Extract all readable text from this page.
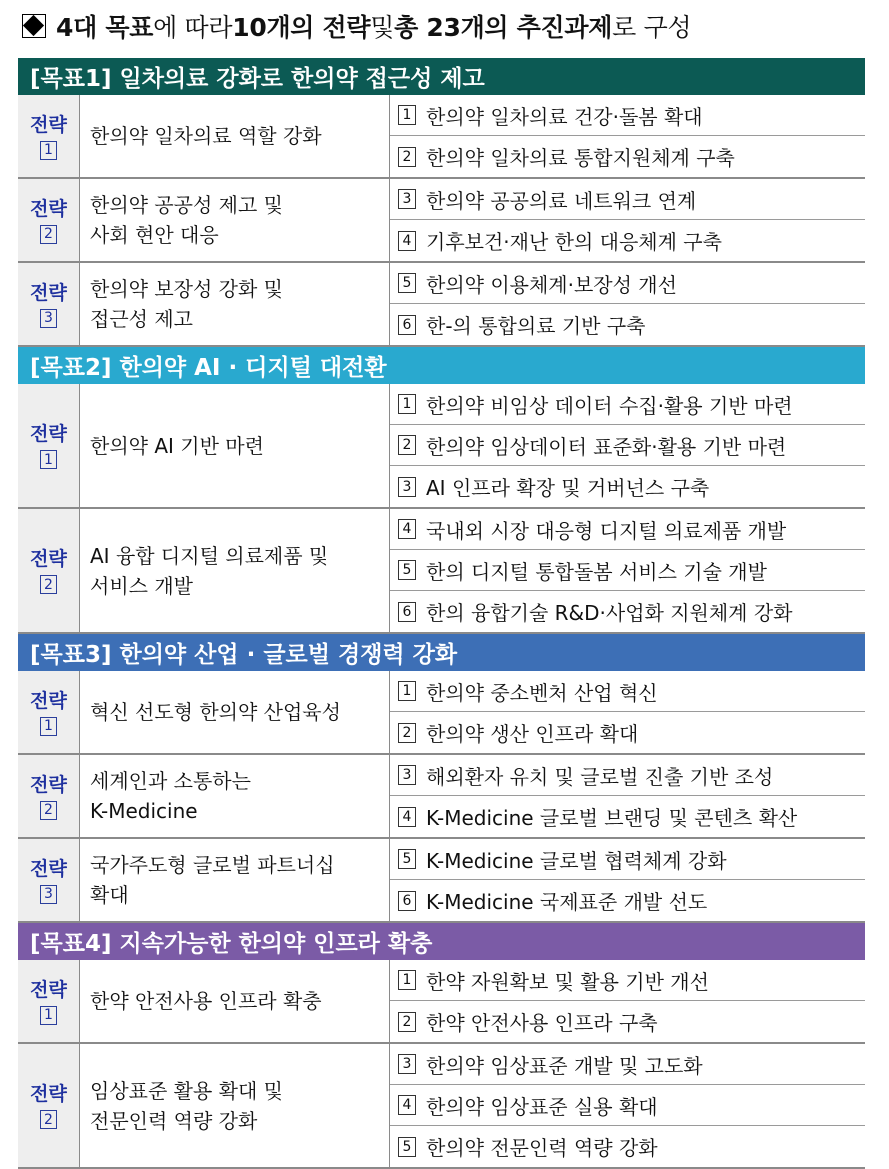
4대 목표 에 따라 10개의 전략 및 총 23개의 추진과제 로 구성
[목표1] 일차의료 강화로 한의약 접근성 제고
전략
1
한의약 일차의료 역할 강화
1 한의약 일차의료 건강·돌봄 확대
2 한의약 일차의료 통합지원체계 구축
전략
2
한의약 공공성 제고 및
사회 현안 대응
3 한의약 공공의료 네트워크 연계
4 기후보건·재난 한의 대응체계 구축
전략
3
한의약 보장성 강화 및
접근성 제고
5 한의약 이용체계·보장성 개선
6 한-의 통합의료 기반 구축
[목표2] 한의약 AI · 디지털 대전환
전략
1
한의약 AI 기반 마련
1 한의약 비임상 데이터 수집·활용 기반 마련
2 한의약 임상데이터 표준화·활용 기반 마련
3 AI 인프라 확장 및 거버넌스 구축
전략
2
AI 융합 디지털 의료제품 및
서비스 개발
4 국내외 시장 대응형 디지털 의료제품 개발
5 한의 디지털 통합돌봄 서비스 기술 개발
6 한의 융합기술 R&D·사업화 지원체계 강화
[목표3] 한의약 산업 · 글로벌 경쟁력 강화
전략
1
혁신 선도형 한의약 산업육성
1 한의약 중소벤처 산업 혁신
2 한의약 생산 인프라 확대
전략
2
세계인과 소통하는
K-Medicine
3 해외환자 유치 및 글로벌 진출 기반 조성
4 K-Medicine 글로벌 브랜딩 및 콘텐츠 확산
전략
3
국가주도형 글로벌 파트너십
확대
5 K-Medicine 글로벌 협력체계 강화
6 K-Medicine 국제표준 개발 선도
[목표4] 지속가능한 한의약 인프라 확충
전략
1
한약 안전사용 인프라 확충
1 한약 자원확보 및 활용 기반 개선
2 한약 안전사용 인프라 구축
전략
2
임상표준 활용 확대 및
전문인력 역량 강화
3 한의약 임상표준 개발 및 고도화
4 한의약 임상표준 실용 확대
5 한의약 전문인력 역량 강화
